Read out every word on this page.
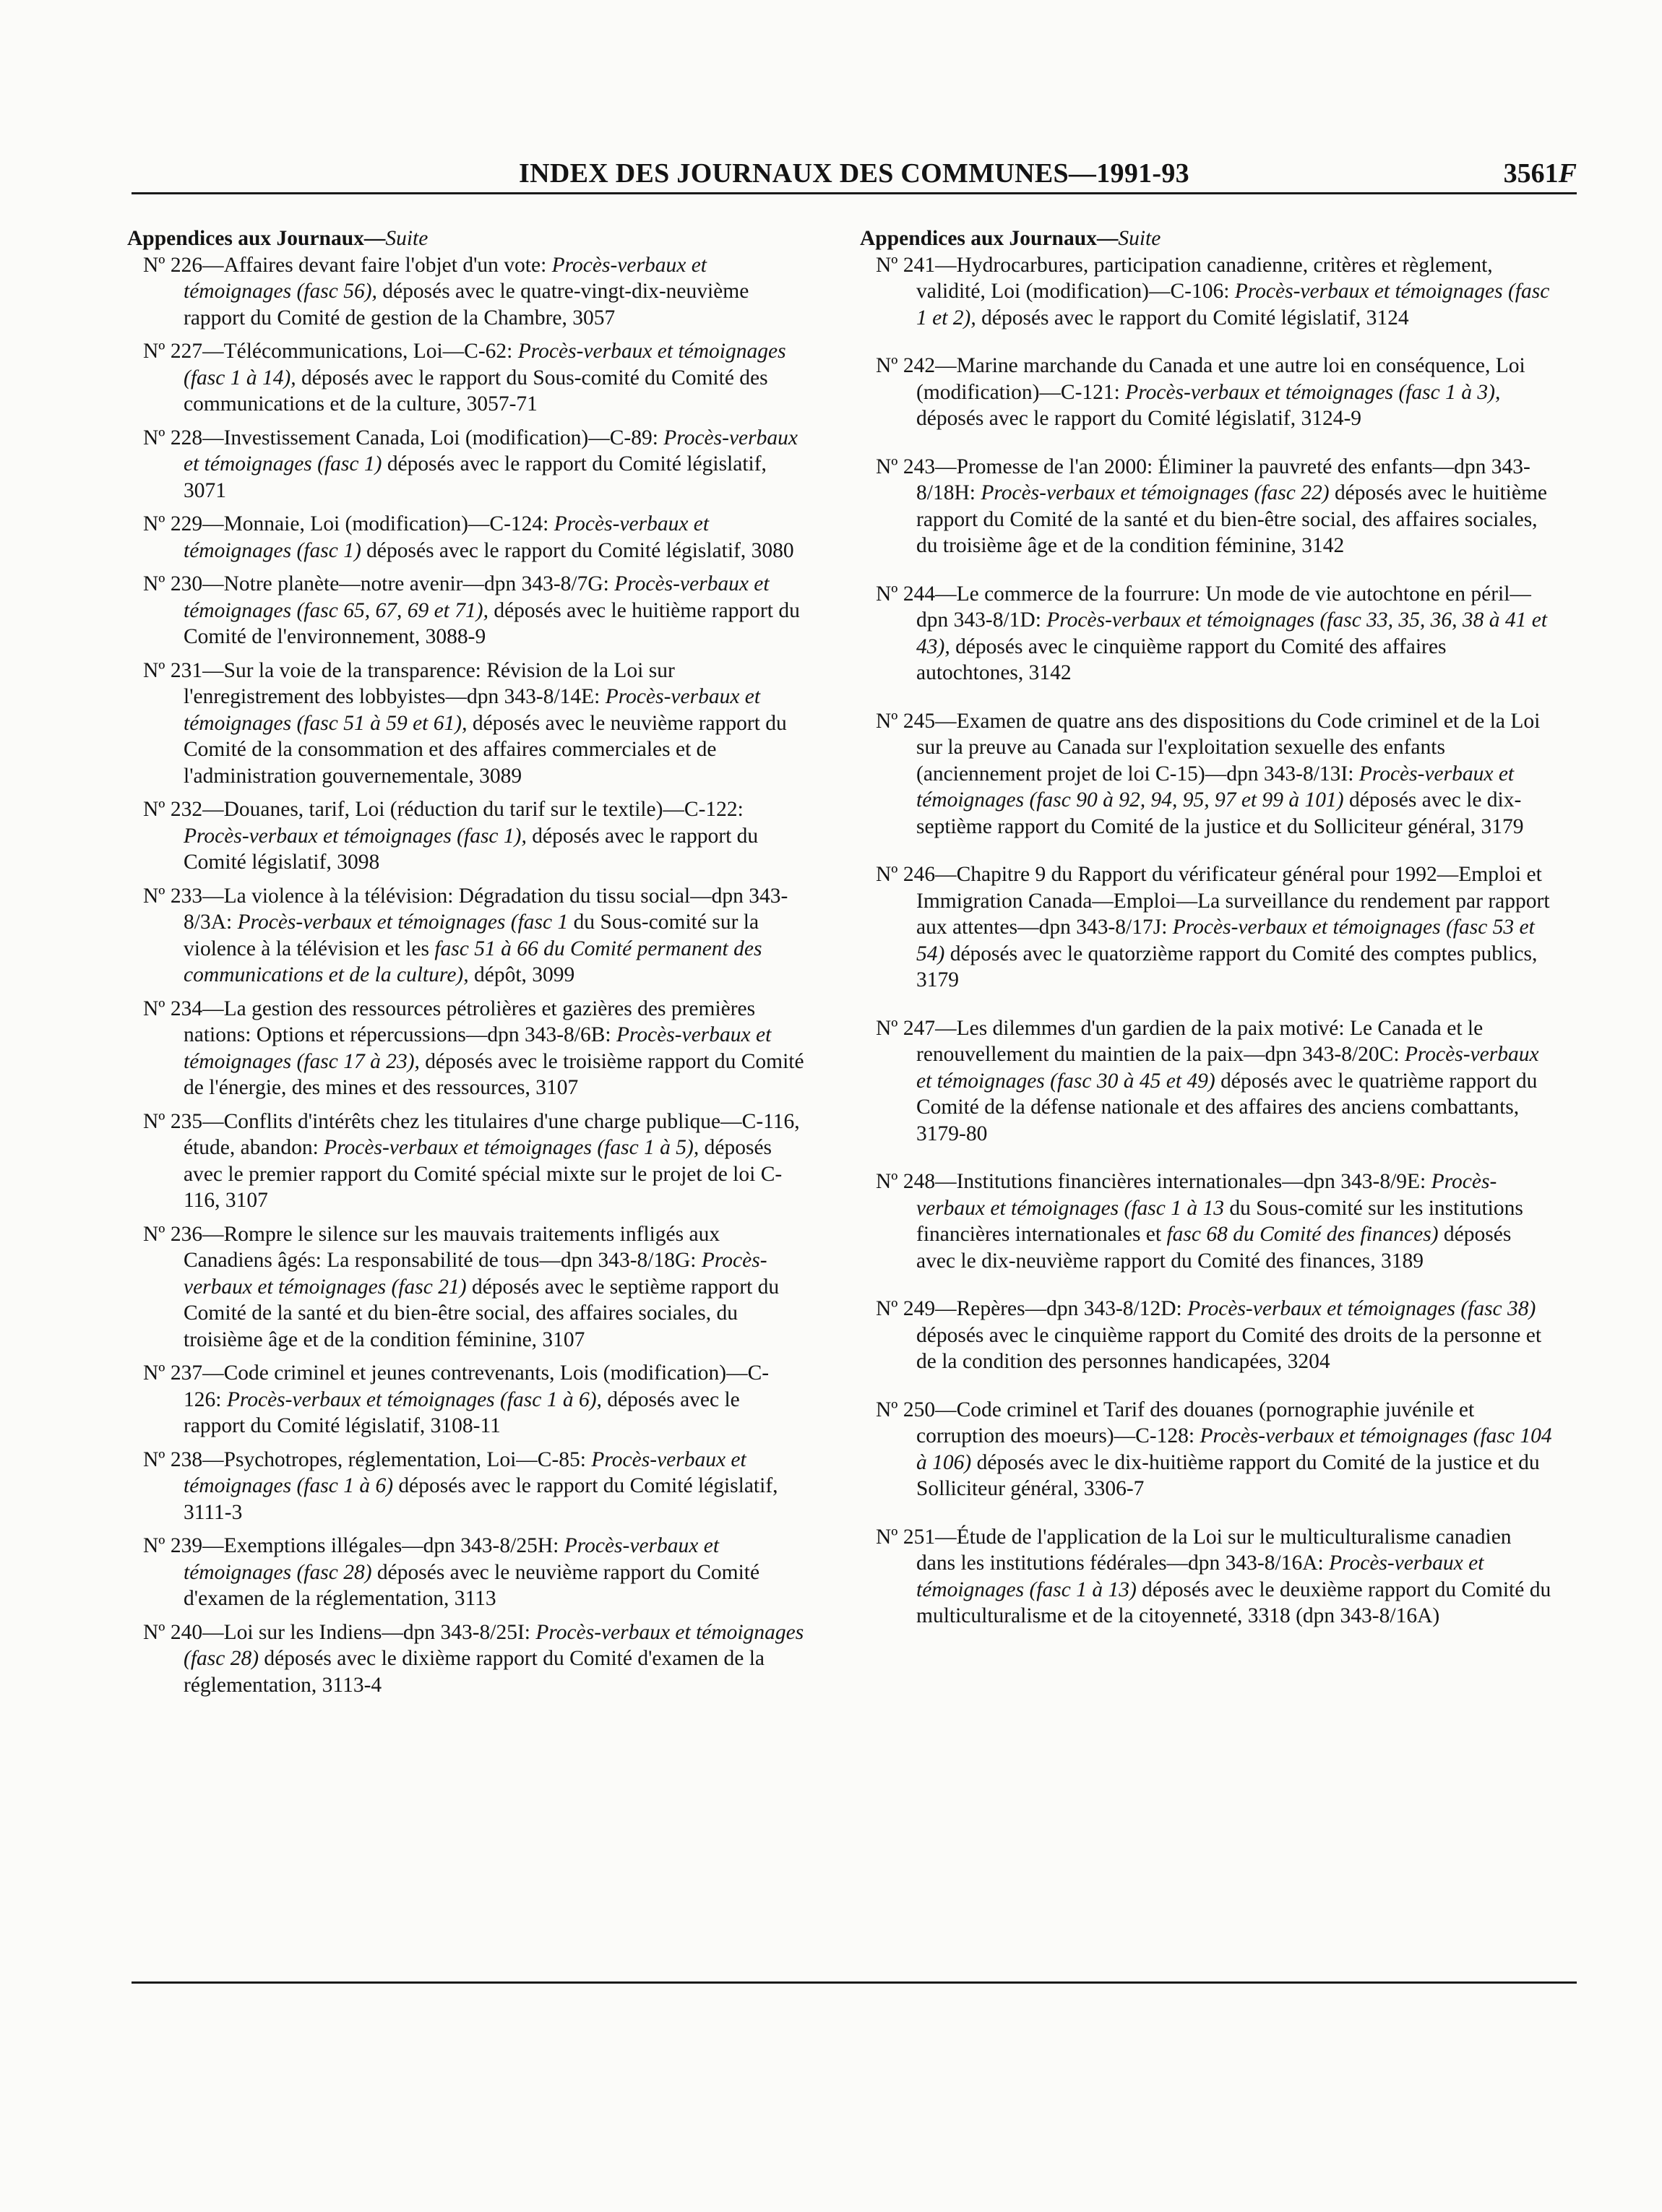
INDEX DES JOURNAUX DES COMMUNES—1991-93	3561F
Appendices aux Journaux—Suite

Nº 226—Affaires devant faire l'objet d'un vote: Procès-verbaux et témoignages (fasc 56), déposés avec le quatre-vingt-dix-neuvième rapport du Comité de gestion de la Chambre, 3057

Nº 227—Télécommunications, Loi—C-62: Procès-verbaux et témoignages (fasc 1 à 14), déposés avec le rapport du Sous-comité du Comité des communications et de la culture, 3057-71

Nº 228—Investissement Canada, Loi (modification)—C-89: Procès-verbaux et témoignages (fasc 1) déposés avec le rapport du Comité législatif, 3071

Nº 229—Monnaie, Loi (modification)—C-124: Procès-verbaux et témoignages (fasc 1) déposés avec le rapport du Comité législatif, 3080

Nº 230—Notre planète—notre avenir—dpn 343-8/7G: Procès-verbaux et témoignages (fasc 65, 67, 69 et 71), déposés avec le huitième rapport du Comité de l'environnement, 3088-9

Nº 231—Sur la voie de la transparence: Révision de la Loi sur l'enregistrement des lobbyistes—dpn 343-8/14E: Procès-verbaux et témoignages (fasc 51 à 59 et 61), déposés avec le neuvième rapport du Comité de la consommation et des affaires commerciales et de l'administration gouvernementale, 3089

Nº 232—Douanes, tarif, Loi (réduction du tarif sur le textile)—C-122: Procès-verbaux et témoignages (fasc 1), déposés avec le rapport du Comité législatif, 3098

Nº 233—La violence à la télévision: Dégradation du tissu social—dpn 343-8/3A: Procès-verbaux et témoignages (fasc 1 du Sous-comité sur la violence à la télévision et les fasc 51 à 66 du Comité permanent des communications et de la culture), dépôt, 3099

Nº 234—La gestion des ressources pétrolières et gazières des premières nations: Options et répercussions—dpn 343-8/6B: Procès-verbaux et témoignages (fasc 17 à 23), déposés avec le troisième rapport du Comité de l'énergie, des mines et des ressources, 3107

Nº 235—Conflits d'intérêts chez les titulaires d'une charge publique—C-116, étude, abandon: Procès-verbaux et témoignages (fasc 1 à 5), déposés avec le premier rapport du Comité spécial mixte sur le projet de loi C-116, 3107

Nº 236—Rompre le silence sur les mauvais traitements infligés aux Canadiens âgés: La responsabilité de tous—dpn 343-8/18G: Procès-verbaux et témoignages (fasc 21) déposés avec le septième rapport du Comité de la santé et du bien-être social, des affaires sociales, du troisième âge et de la condition féminine, 3107

Nº 237—Code criminel et jeunes contrevenants, Lois (modification)—C-126: Procès-verbaux et témoignages (fasc 1 à 6), déposés avec le rapport du Comité législatif, 3108-11

Nº 238—Psychotropes, réglementation, Loi—C-85: Procès-verbaux et témoignages (fasc 1 à 6) déposés avec le rapport du Comité législatif, 3111-3

Nº 239—Exemptions illégales—dpn 343-8/25H: Procès-verbaux et témoignages (fasc 28) déposés avec le neuvième rapport du Comité d'examen de la réglementation, 3113

Nº 240—Loi sur les Indiens—dpn 343-8/25I: Procès-verbaux et témoignages (fasc 28) déposés avec le dixième rapport du Comité d'examen de la réglementation, 3113-4

Appendices aux Journaux—Suite

Nº 241—Hydrocarbures, participation canadienne, critères et règlement, validité, Loi (modification)—C-106: Procès-verbaux et témoignages (fasc 1 et 2), déposés avec le rapport du Comité législatif, 3124

Nº 242—Marine marchande du Canada et une autre loi en conséquence, Loi (modification)—C-121: Procès-verbaux et témoignages (fasc 1 à 3), déposés avec le rapport du Comité législatif, 3124-9

Nº 243—Promesse de l'an 2000: Éliminer la pauvreté des enfants—dpn 343-8/18H: Procès-verbaux et témoignages (fasc 22) déposés avec le huitième rapport du Comité de la santé et du bien-être social, des affaires sociales, du troisième âge et de la condition féminine, 3142

Nº 244—Le commerce de la fourrure: Un mode de vie autochtone en péril—dpn 343-8/1D: Procès-verbaux et témoignages (fasc 33, 35, 36, 38 à 41 et 43), déposés avec le cinquième rapport du Comité des affaires autochtones, 3142

Nº 245—Examen de quatre ans des dispositions du Code criminel et de la Loi sur la preuve au Canada sur l'exploitation sexuelle des enfants (anciennement projet de loi C-15)—dpn 343-8/13I: Procès-verbaux et témoignages (fasc 90 à 92, 94, 95, 97 et 99 à 101) déposés avec le dix-septième rapport du Comité de la justice et du Solliciteur général, 3179

Nº 246—Chapitre 9 du Rapport du vérificateur général pour 1992—Emploi et Immigration Canada—Emploi—La surveillance du rendement par rapport aux attentes—dpn 343-8/17J: Procès-verbaux et témoignages (fasc 53 et 54) déposés avec le quatorzième rapport du Comité des comptes publics, 3179

Nº 247—Les dilemmes d'un gardien de la paix motivé: Le Canada et le renouvellement du maintien de la paix—dpn 343-8/20C: Procès-verbaux et témoignages (fasc 30 à 45 et 49) déposés avec le quatrième rapport du Comité de la défense nationale et des affaires des anciens combattants, 3179-80

Nº 248—Institutions financières internationales—dpn 343-8/9E: Procès-verbaux et témoignages (fasc 1 à 13 du Sous-comité sur les institutions financières internationales et fasc 68 du Comité des finances) déposés avec le dix-neuvième rapport du Comité des finances, 3189

Nº 249—Repères—dpn 343-8/12D: Procès-verbaux et témoignages (fasc 38) déposés avec le cinquième rapport du Comité des droits de la personne et de la condition des personnes handicapées, 3204

Nº 250—Code criminel et Tarif des douanes (pornographie juvénile et corruption des moeurs)—C-128: Procès-verbaux et témoignages (fasc 104 à 106) déposés avec le dix-huitième rapport du Comité de la justice et du Solliciteur général, 3306-7

Nº 251—Étude de l'application de la Loi sur le multiculturalisme canadien dans les institutions fédérales—dpn 343-8/16A: Procès-verbaux et témoignages (fasc 1 à 13) déposés avec le deuxième rapport du Comité du multiculturalisme et de la citoyenneté, 3318 (dpn 343-8/16A)
